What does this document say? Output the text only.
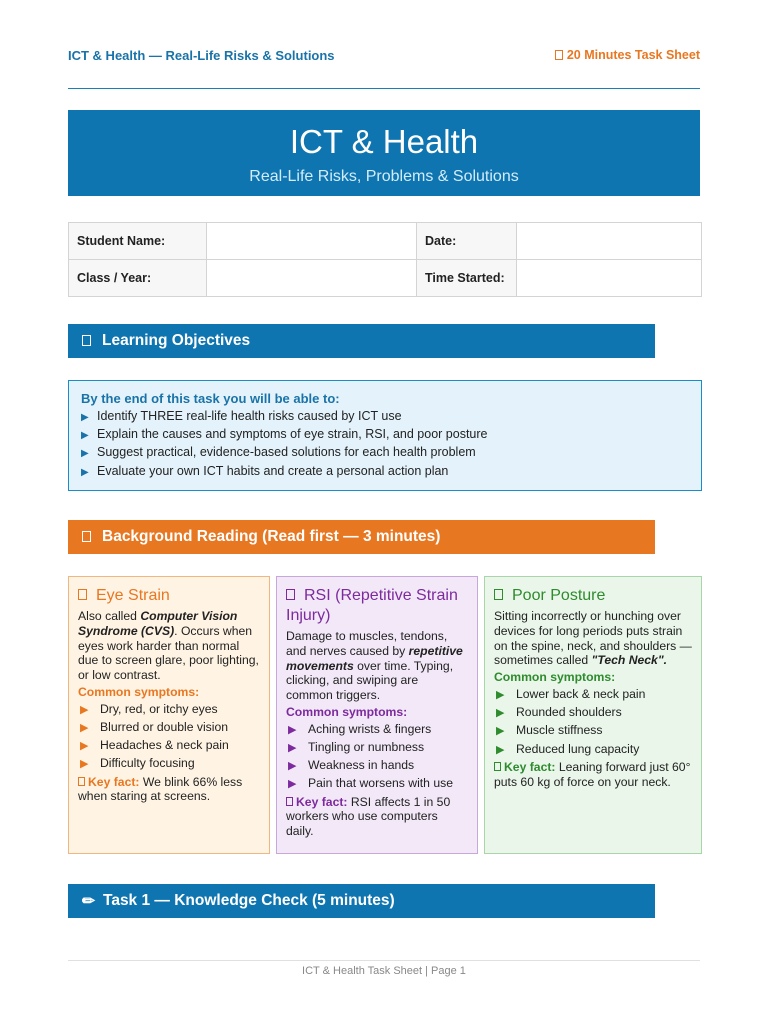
ICT & Health — Real-Life Risks & Solutions	20 Minutes Task Sheet
ICT & Health
Real-Life Risks, Problems & Solutions
Student Name:		Date:	
Class / Year:		Time Started:	
Learning Objectives
By the end of this task you will be able to:
▶ Identify THREE real-life health risks caused by ICT use
▶ Explain the causes and symptoms of eye strain, RSI, and poor posture
▶ Suggest practical, evidence-based solutions for each health problem
▶ Evaluate your own ICT habits and create a personal action plan
Background Reading (Read first — 3 minutes)
Eye Strain
Also called Computer Vision Syndrome (CVS). Occurs when eyes work harder than normal due to screen glare, poor lighting, or low contrast.
Common symptoms:
▶ Dry, red, or itchy eyes
▶ Blurred or double vision
▶ Headaches & neck pain
▶ Difficulty focusing
Key fact: We blink 66% less when staring at screens.
RSI (Repetitive Strain Injury)
Damage to muscles, tendons, and nerves caused by repetitive movements over time. Typing, clicking, and swiping are common triggers.
Common symptoms:
▶ Aching wrists & fingers
▶ Tingling or numbness
▶ Weakness in hands
▶ Pain that worsens with use
Key fact: RSI affects 1 in 50 workers who use computers daily.
Poor Posture
Sitting incorrectly or hunching over devices for long periods puts strain on the spine, neck, and shoulders — sometimes called "Tech Neck".
Common symptoms:
▶ Lower back & neck pain
▶ Rounded shoulders
▶ Muscle stiffness
▶ Reduced lung capacity
Key fact: Leaning forward just 60° puts 60 kg of force on your neck.
✏ Task 1 — Knowledge Check (5 minutes)
ICT & Health Task Sheet | Page 1
